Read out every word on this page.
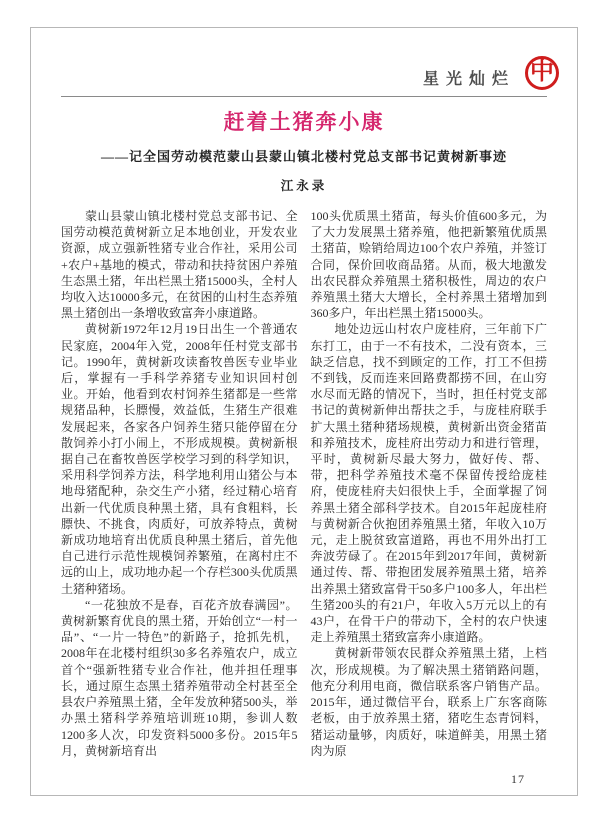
星光灿烂 中
赶着土猪奔小康
——记全国劳动模范蒙山县蒙山镇北楼村党总支部书记黄树新事迹
江永录

蒙山县蒙山镇北楼村党总支部书记、全国劳动模范黄树新立足本地创业，开发农业资源，成立强新牲猪专业合作社，采用公司+农户+基地的模式，带动和扶持贫困户养殖生态黑土猪，年出栏黑土猪15000头，全村人均收入达10000多元，在贫困的山村生态养殖黑土猪创出一条增收致富奔小康道路。

黄树新1972年12月19日出生一个普通农民家庭，2004年入党，2008年任村党支部书记。1990年，黄树新攻读畜牧兽医专业毕业后，掌握有一手科学养猪专业知识回村创业。开始，他看到农村饲养生猪都是一些常规猪品种，长膘慢，效益低，生猪生产很难发展起来，各家各户饲养生猪只能停留在分散饲养小打小闹上，不形成规模。黄树新根据自己在畜牧兽医学校学习到的科学知识，采用科学饲养方法，科学地利用山猪公与本地母猪配种，杂交生产小猪，经过精心培育出新一代优质良种黑土猪，具有食粗料，长膘快、不挑食，肉质好，可放养特点，黄树新成功地培育出优质良种黑土猪后，首先他自己进行示范性规模饲养繁殖，在离村庄不远的山上，成功地办起一个存栏300头优质黑土猪种猪场。

“一花独放不是春，百花齐放春满园”。黄树新繁育优良的黑土猪，开始创立“一村一品”、“一片一特色”的新路子，抢抓先机，2008年在北楼村组织30多名养殖农户，成立首个“强新牲猪专业合作社，他并担任理事长，通过原生态黑土猪养殖带动全村甚至全县农户养殖黑土猪，全年发放种猪500头，举办黑土猪科学养殖培训班10期，参训人数1200多人次，印发资料5000多份。2015年5月，黄树新培育出

100头优质黑土猪苗，每头价值600多元，为了大力发展黑土猪养殖，他把新繁殖优质黑土猪苗，赊销给周边100个农户养殖，并签订合同，保价回收商品猪。从而，极大地激发出农民群众养殖黑土猪积极性，周边的农户养殖黑土猪大大增长，全村养黑土猪增加到360多户，年出栏黑土猪15000头。

地处边远山村农户庞桂府，三年前下广东打工，由于一不有技术，二没有资本，三缺乏信息，找不到顾定的工作，打工不但捞不到钱，反而连来回路费都捞不回，在山穷水尽而无路的情况下，当时，担任村党支部书记的黄树新伸出帮扶之手，与庞桂府联手扩大黑土猪种猪场规模，黄树新出资金猪苗和养殖技术，庞桂府出劳动力和进行管理，平时，黄树新尽最大努力，做好传、帮、带，把科学养殖技术毫不保留传授给庞桂府，使庞桂府夫妇很快上手，全面掌握了饲养黑土猪全部科学技术。自2015年起庞桂府与黄树新合伙抱团养殖黑土猪，年收入10万元，走上脱贫致富道路，再也不用外出打工奔波劳碌了。在2015年到2017年间，黄树新通过传、帮、带抱团发展养殖黑土猪，培养出养黑土猪致富骨干50多户100多人，年出栏生猪200头的有21户，年收入5万元以上的有43户，在骨干户的带动下，全村的农户快速走上养殖黑土猪致富奔小康道路。

黄树新带领农民群众养殖黑土猪，上档次，形成规模。为了解决黑土猪销路问题，他充分利用电商，微信联系客户销售产品。2015年，通过微信平台，联系上广东客商陈老板，由于放养黑土猪，猪吃生态青饲料，猪运动量够，肉质好，味道鲜美，用黑土猪肉为原

17
